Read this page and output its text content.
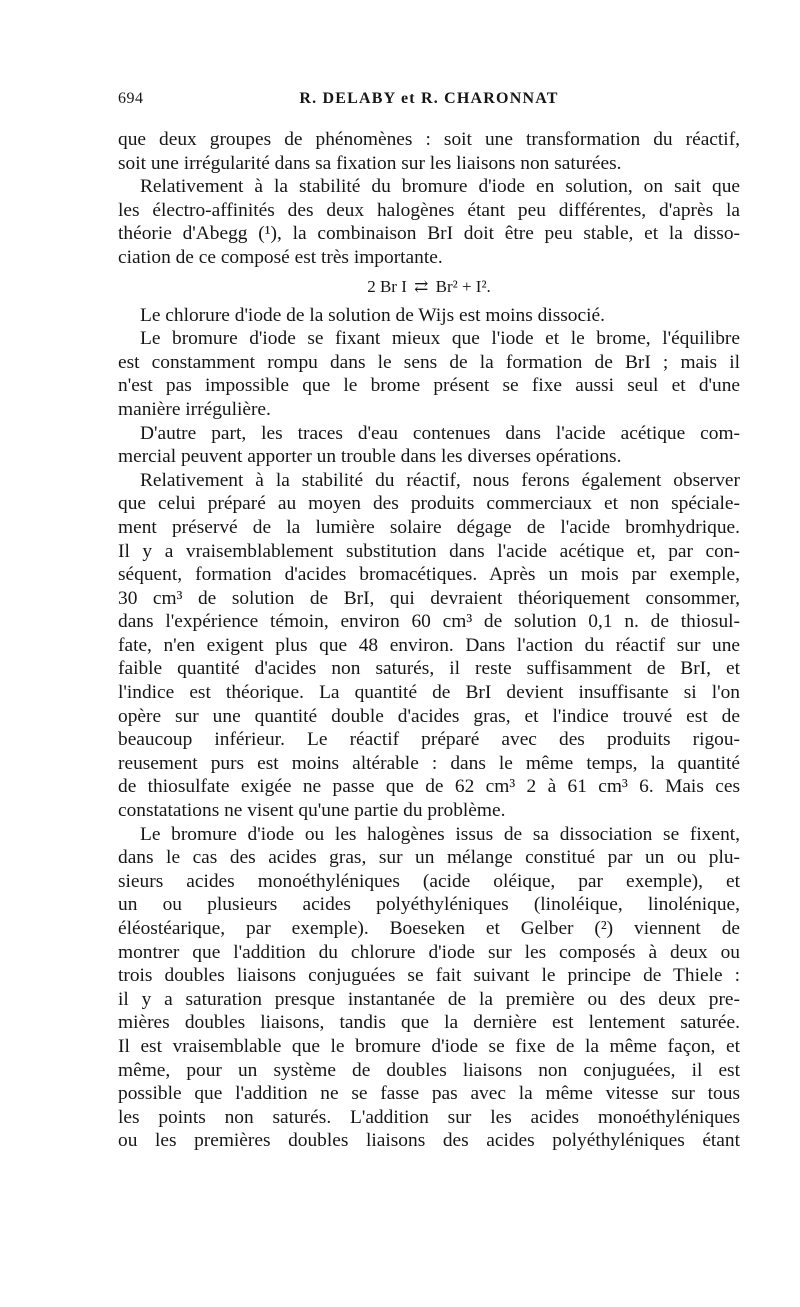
694	R. DELABY et R. CHARONNAT
que deux groupes de phénomènes : soit une transformation du réactif,
soit une irrégularité dans sa fixation sur les liaisons non saturées.
Relativement à la stabilité du bromure d'iode en solution, on sait que
les électro-affinités des deux halogènes étant peu différentes, d'après la
théorie d'Abegg (¹), la combinaison BrI doit être peu stable, et la disso-
ciation de ce composé est très importante.
2 Br I ⇄ Br² + I².
Le chlorure d'iode de la solution de Wijs est moins dissocié.
Le bromure d'iode se fixant mieux que l'iode et le brome, l'équilibre
est constamment rompu dans le sens de la formation de BrI ; mais il
n'est pas impossible que le brome présent se fixe aussi seul et d'une
manière irrégulière.
D'autre part, les traces d'eau contenues dans l'acide acétique com-
mercial peuvent apporter un trouble dans les diverses opérations.
Relativement à la stabilité du réactif, nous ferons également observer
que celui préparé au moyen des produits commerciaux et non spéciale-
ment préservé de la lumière solaire dégage de l'acide bromhydrique.
Il y a vraisemblablement substitution dans l'acide acétique et, par con-
séquent, formation d'acides bromacétiques. Après un mois par exemple,
30 cm³ de solution de BrI, qui devraient théoriquement consommer,
dans l'expérience témoin, environ 60 cm³ de solution 0,1 n. de thiosul-
fate, n'en exigent plus que 48 environ. Dans l'action du réactif sur une
faible quantité d'acides non saturés, il reste suffisamment de BrI, et
l'indice est théorique. La quantité de BrI devient insuffisante si l'on
opère sur une quantité double d'acides gras, et l'indice trouvé est de
beaucoup inférieur. Le réactif préparé avec des produits rigou-
reusement purs est moins altérable : dans le même temps, la quantité
de thiosulfate exigée ne passe que de 62 cm³ 2 à 61 cm³ 6. Mais ces
constatations ne visent qu'une partie du problème.
Le bromure d'iode ou les halogènes issus de sa dissociation se fixent,
dans le cas des acides gras, sur un mélange constitué par un ou plu-
sieurs acides monoéthyléniques (acide oléique, par exemple), et
un ou plusieurs acides polyéthyléniques (linoléique, linolénique,
éléostéarique, par exemple). Boeseken et Gelber (²) viennent de
montrer que l'addition du chlorure d'iode sur les composés à deux ou
trois doubles liaisons conjuguées se fait suivant le principe de Thiele :
il y a saturation presque instantanée de la première ou des deux pre-
mières doubles liaisons, tandis que la dernière est lentement saturée.
Il est vraisemblable que le bromure d'iode se fixe de la même façon, et
même, pour un système de doubles liaisons non conjuguées, il est
possible que l'addition ne se fasse pas avec la même vitesse sur tous
les points non saturés. L'addition sur les acides monoéthyléniques
ou les premières doubles liaisons des acides polyéthyléniques étant
